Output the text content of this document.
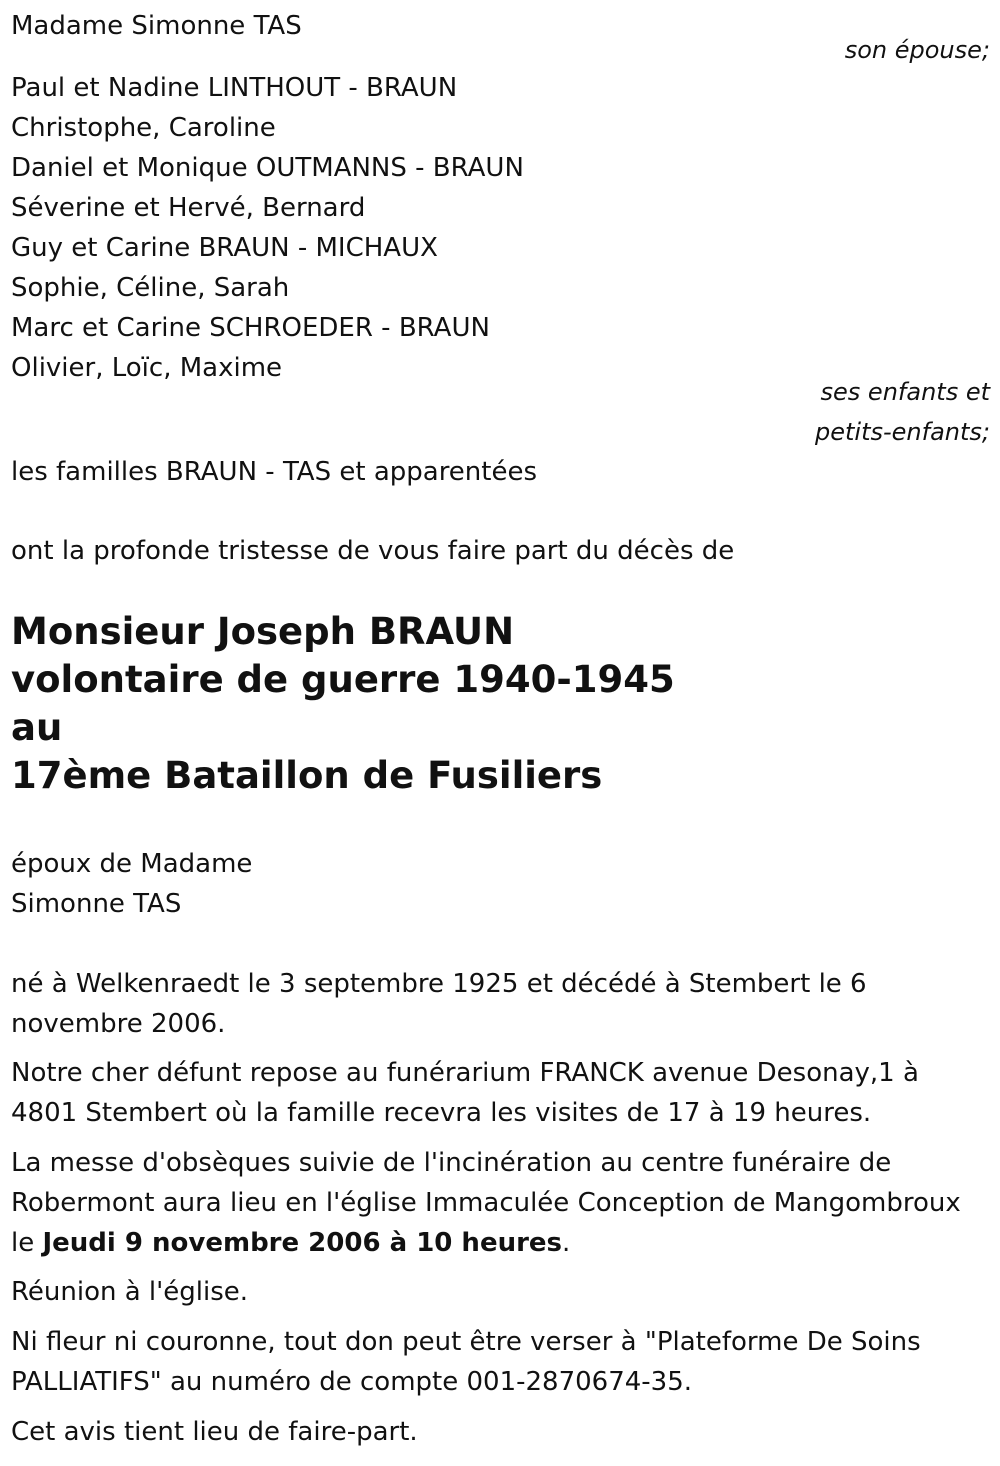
Madame Simonne TAS
son épouse;
Paul et Nadine LINTHOUT - BRAUN
Christophe, Caroline
Daniel et Monique OUTMANNS - BRAUN
Séverine et Hervé, Bernard
Guy et Carine BRAUN - MICHAUX
Sophie, Céline, Sarah
Marc et Carine SCHROEDER - BRAUN
Olivier, Loïc, Maxime
ses enfants et
petits-enfants;
les familles BRAUN - TAS et apparentées
ont la profonde tristesse de vous faire part du décès de
Monsieur Joseph BRAUN
volontaire de guerre 1940-1945
au
17ème Bataillon de Fusiliers
époux de Madame
Simonne TAS
né à Welkenraedt le 3 septembre 1925 et décédé à Stembert le 6 novembre 2006.
Notre cher défunt repose au funérarium FRANCK avenue Desonay,1 à 4801 Stembert où la famille recevra les visites de 17 à 19 heures.
La messe d'obsèques suivie de l'incinération au centre funéraire de Robermont aura lieu en l'église Immaculée Conception de Mangombroux le Jeudi 9 novembre 2006 à 10 heures.
Réunion à l'église.
Ni fleur ni couronne, tout don peut être verser à "Plateforme De Soins PALLIATIFS" au numéro de compte 001-2870674-35.
Cet avis tient lieu de faire-part.
